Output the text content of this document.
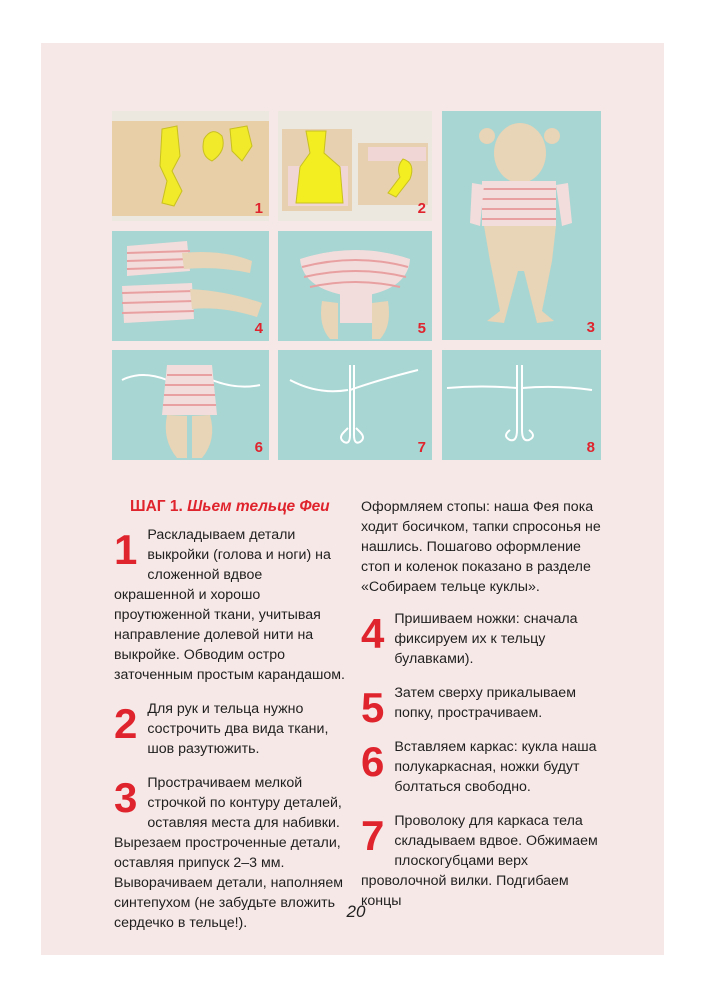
1	2
3
4	5
6	7	8
ШАГ 1. Шьем тельце Феи
1 Раскладываем детали выкройки (голова и ноги) на сложенной вдвое окрашенной и хорошо проутюженной ткани, учитывая направление долевой нити на выкройке. Обводим остро заточенным простым карандашом.

2 Для рук и тельца нужно сострочить два вида ткани, шов разутюжить.

3 Прострачиваем мелкой строчкой по контуру деталей, оставляя места для набивки. Вырезаем простроченные детали, оставляя припуск 2–3 мм. Выворачиваем детали, наполняем синтепухом (не забудьте вложить сердечко в тельце!).

Оформляем стопы: наша Фея пока ходит босичком, тапки спросонья не нашлись. Пошагово оформление стоп и коленок показано в разделе «Собираем тельце куклы».

4 Пришиваем ножки: сначала фиксируем их к тельцу булавками).

5 Затем сверху прикалываем попку, прострачиваем.

6 Вставляем каркас: кукла наша полукаркасная, ножки будут болтаться свободно.

7 Проволоку для каркаса тела складываем вдвое. Обжимаем плоскогубцами верх проволочной вилки. Подгибаем концы

20
